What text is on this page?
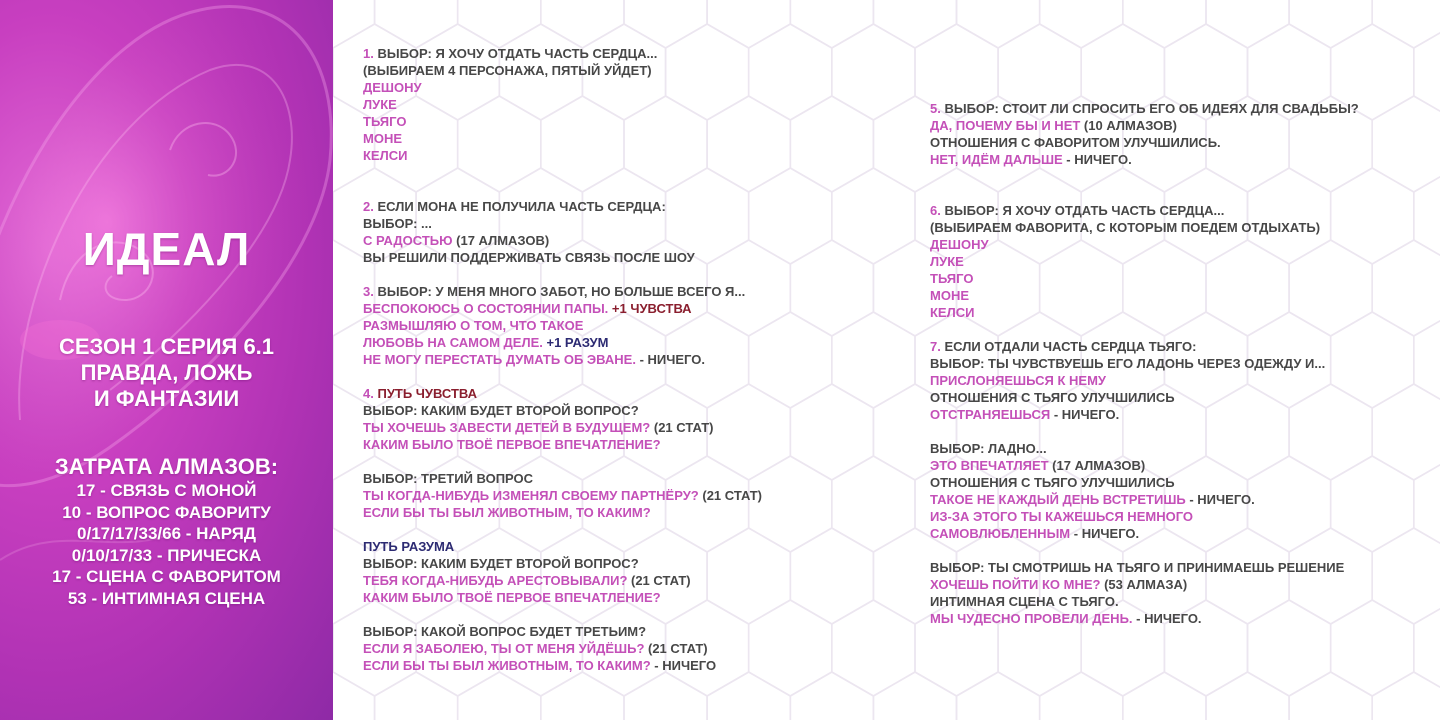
ИДЕАЛ
СЕЗОН 1 СЕРИЯ 6.1
ПРАВДА, ЛОЖЬ
И ФАНТАЗИИ
ЗАТРАТА АЛМАЗОВ:
17 - СВЯЗЬ С МОНОЙ
10 - ВОПРОС ФАВОРИТУ
0/17/17/33/66 - НАРЯД
0/10/17/33 - ПРИЧЕСКА
17 - СЦЕНА С ФАВОРИТОМ
53 - ИНТИМНАЯ СЦЕНА
1. ВЫБОР: Я ХОЧУ ОТДАТЬ ЧАСТЬ СЕРДЦА...
(ВЫБИРАЕМ 4 ПЕРСОНАЖА, ПЯТЫЙ УЙДЕТ)
ДЕШОНУ
ЛУКЕ
ТЬЯГО
МОНЕ
КЕЛСИ
2. ЕСЛИ МОНА НЕ ПОЛУЧИЛА ЧАСТЬ СЕРДЦА:
ВЫБОР: ...
С РАДОСТЬЮ (17 АЛМАЗОВ)
ВЫ РЕШИЛИ ПОДДЕРЖИВАТЬ СВЯЗЬ ПОСЛЕ ШОУ
3. ВЫБОР: У МЕНЯ МНОГО ЗАБОТ, НО БОЛЬШЕ ВСЕГО Я...
БЕСПОКОЮСЬ О СОСТОЯНИИ ПАПЫ. +1 ЧУВСТВА
РАЗМЫШЛЯЮ О ТОМ, ЧТО ТАКОЕ
ЛЮБОВЬ НА САМОМ ДЕЛЕ. +1 РАЗУМ
НЕ МОГУ ПЕРЕСТАТЬ ДУМАТЬ ОБ ЭВАНЕ. - НИЧЕГО.
4. ПУТЬ ЧУВСТВА
ВЫБОР: КАКИМ БУДЕТ ВТОРОЙ ВОПРОС?
ТЫ ХОЧЕШЬ ЗАВЕСТИ ДЕТЕЙ В БУДУЩЕМ? (21 СТАТ)
КАКИМ БЫЛО ТВОЁ ПЕРВОЕ ВПЕЧАТЛЕНИЕ?
ВЫБОР: ТРЕТИЙ ВОПРОС
ТЫ КОГДА-НИБУДЬ ИЗМЕНЯЛ СВОЕМУ ПАРТНЁРУ? (21 СТАТ)
ЕСЛИ БЫ ТЫ БЫЛ ЖИВОТНЫМ, ТО КАКИМ?
ПУТЬ РАЗУМА
ВЫБОР: КАКИМ БУДЕТ ВТОРОЙ ВОПРОС?
ТЕБЯ КОГДА-НИБУДЬ АРЕСТОВЫВАЛИ? (21 СТАТ)
КАКИМ БЫЛО ТВОЁ ПЕРВОЕ ВПЕЧАТЛЕНИЕ?
ВЫБОР: КАКОЙ ВОПРОС БУДЕТ ТРЕТЬИМ?
ЕСЛИ Я ЗАБОЛЕЮ, ТЫ ОТ МЕНЯ УЙДЁШЬ? (21 СТАТ)
ЕСЛИ БЫ ТЫ БЫЛ ЖИВОТНЫМ, ТО КАКИМ? - НИЧЕГО
5. ВЫБОР: СТОИТ ЛИ СПРОСИТЬ ЕГО ОБ ИДЕЯХ ДЛЯ СВАДЬБЫ?
ДА, ПОЧЕМУ БЫ И НЕТ (10 АЛМАЗОВ)
ОТНОШЕНИЯ С ФАВОРИТОМ УЛУЧШИЛИСЬ.
НЕТ, ИДЁМ ДАЛЬШЕ - НИЧЕГО.
6. ВЫБОР: Я ХОЧУ ОТДАТЬ ЧАСТЬ СЕРДЦА...
(ВЫБИРАЕМ ФАВОРИТА, С КОТОРЫМ ПОЕДЕМ ОТДЫХАТЬ)
ДЕШОНУ
ЛУКЕ
ТЬЯГО
МОНЕ
КЕЛСИ
7. ЕСЛИ ОТДАЛИ ЧАСТЬ СЕРДЦА ТЬЯГО:
ВЫБОР: ТЫ ЧУВСТВУЕШЬ ЕГО ЛАДОНЬ ЧЕРЕЗ ОДЕЖДУ И...
ПРИСЛОНЯЕШЬСЯ К НЕМУ
ОТНОШЕНИЯ С ТЬЯГО УЛУЧШИЛИСЬ
ОТСТРАНЯЕШЬСЯ - НИЧЕГО.
ВЫБОР: ЛАДНО...
ЭТО ВПЕЧАТЛЯЕТ (17 АЛМАЗОВ)
ОТНОШЕНИЯ С ТЬЯГО УЛУЧШИЛИСЬ
ТАКОЕ НЕ КАЖДЫЙ ДЕНЬ ВСТРЕТИШЬ - НИЧЕГО.
ИЗ-ЗА ЭТОГО ТЫ КАЖЕШЬСЯ НЕМНОГО
САМОВЛЮБЛЕННЫМ - НИЧЕГО.
ВЫБОР: ТЫ СМОТРИШЬ НА ТЬЯГО И ПРИНИМАЕШЬ РЕШЕНИЕ
ХОЧЕШЬ ПОЙТИ КО МНЕ? (53 АЛМАЗА)
ИНТИМНАЯ СЦЕНА С ТЬЯГО.
МЫ ЧУДЕСНО ПРОВЕЛИ ДЕНЬ. - НИЧЕГО.
